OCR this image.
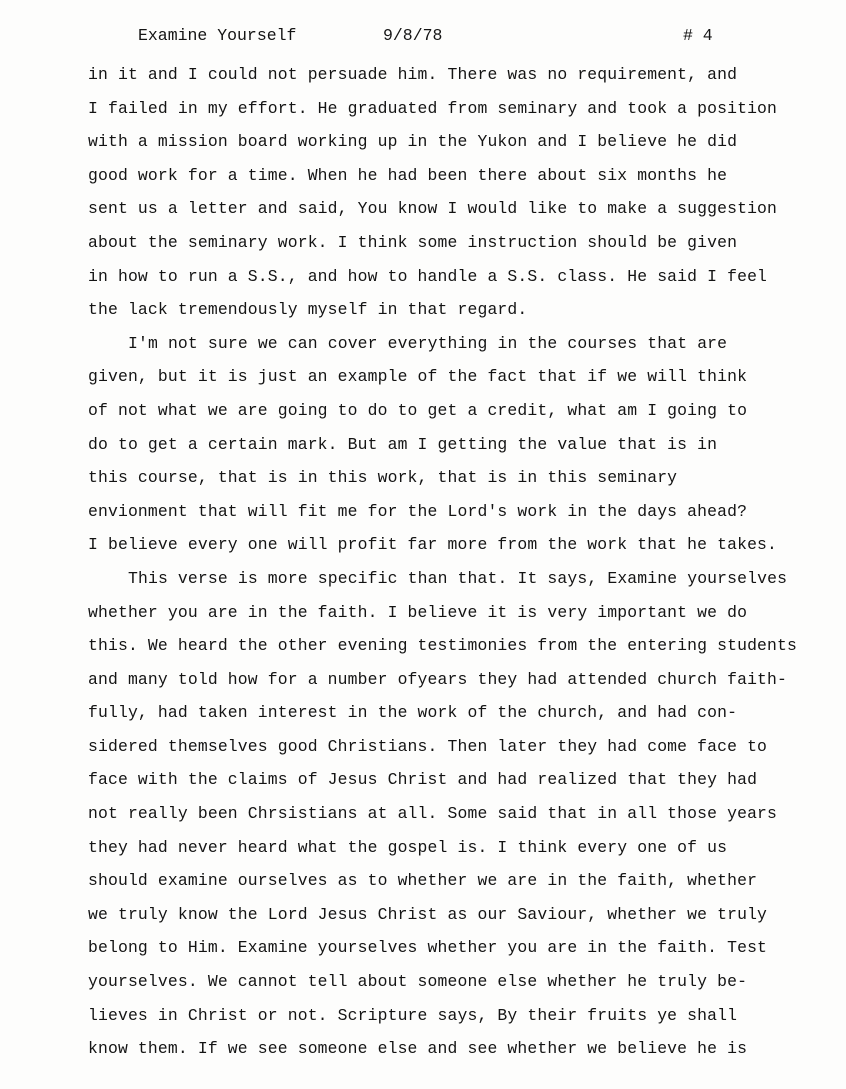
Examine Yourself	9/8/78	# 4
in it and I could not persuade him. There was no requirement, and
I failed in my effort. He graduated from seminary and took a position
with a mission board working up in the Yukon and I believe he did
good work for a time. When he had been there about six months he
sent us a letter and said, You know I would like to make a suggestion
about the seminary work. I think some instruction should be given
in how to run a S.S., and how to handle a S.S. class. He said I feel
the lack tremendously myself in that regard.
I'm not sure we can cover everything in the courses that are
given, but it is just an example of the fact that if we will think
of not what we are going to do to get a credit, what am I going to
do to get a certain mark. But am I getting the value that is in
this course, that is in this work, that is in this seminary
envionment that will fit me for the Lord's work in the days ahead?
I believe every one will profit far more from the work that he takes.
This verse is more specific than that. It says, Examine yourselves
whether you are in the faith. I believe it is very important we do
this. We heard the other evening testimonies from the entering students
and many told how for a number ofyears they had attended church faith-
fully, had taken interest in the work of the church, and had con-
sidered themselves good Christians. Then later they had come face to
face with the claims of Jesus Christ and had realized that they had
not really been Chrsistians at all. Some said that in all those years
they had never heard what the gospel is. I think every one of us
should examine ourselves as to whether we are in the faith, whether
we truly know the Lord Jesus Christ as our Saviour, whether we truly
belong to Him. Examine yourselves whether you are in the faith. Test
yourselves. We cannot tell about someone else whether he truly be-
lieves in Christ or not. Scripture says, By their fruits ye shall
know them. If we see someone else and see whether we believe he is
